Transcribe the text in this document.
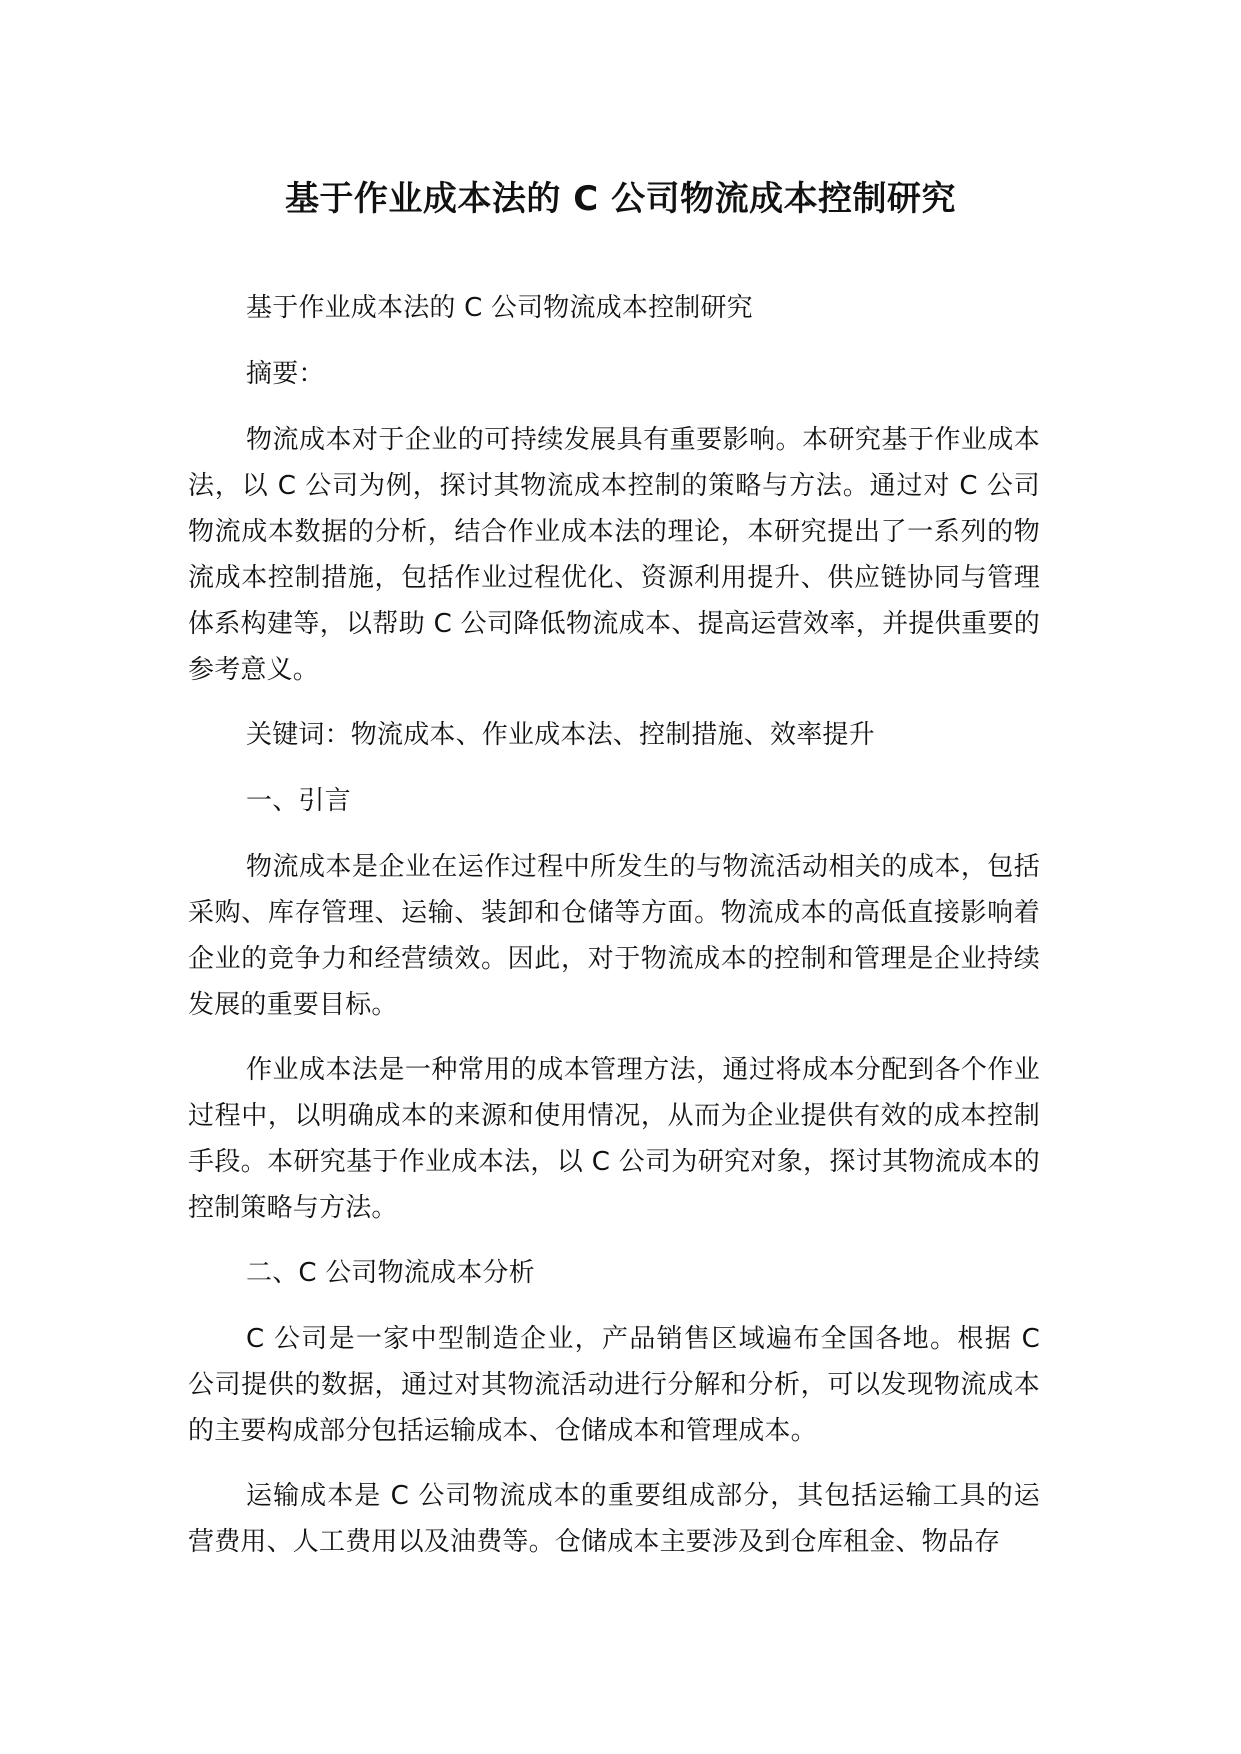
基于作业成本法的 C 公司物流成本控制研究

基于作业成本法的 C 公司物流成本控制研究

摘要：

物流成本对于企业的可持续发展具有重要影响。本研究基于作业成本法，以 C 公司为例，探讨其物流成本控制的策略与方法。通过对 C 公司物流成本数据的分析，结合作业成本法的理论，本研究提出了一系列的物流成本控制措施，包括作业过程优化、资源利用提升、供应链协同与管理体系构建等，以帮助 C 公司降低物流成本、提高运营效率，并提供重要的参考意义。

关键词：物流成本、作业成本法、控制措施、效率提升

一、引言

物流成本是企业在运作过程中所发生的与物流活动相关的成本，包括采购、库存管理、运输、装卸和仓储等方面。物流成本的高低直接影响着企业的竞争力和经营绩效。因此，对于物流成本的控制和管理是企业持续发展的重要目标。

作业成本法是一种常用的成本管理方法，通过将成本分配到各个作业过程中，以明确成本的来源和使用情况，从而为企业提供有效的成本控制手段。本研究基于作业成本法，以 C 公司为研究对象，探讨其物流成本的控制策略与方法。

二、C 公司物流成本分析

C 公司是一家中型制造企业，产品销售区域遍布全国各地。根据 C 公司提供的数据，通过对其物流活动进行分解和分析，可以发现物流成本的主要构成部分包括运输成本、仓储成本和管理成本。

运输成本是 C 公司物流成本的重要组成部分，其包括运输工具的运营费用、人工费用以及油费等。仓储成本主要涉及到仓库租金、物品存
